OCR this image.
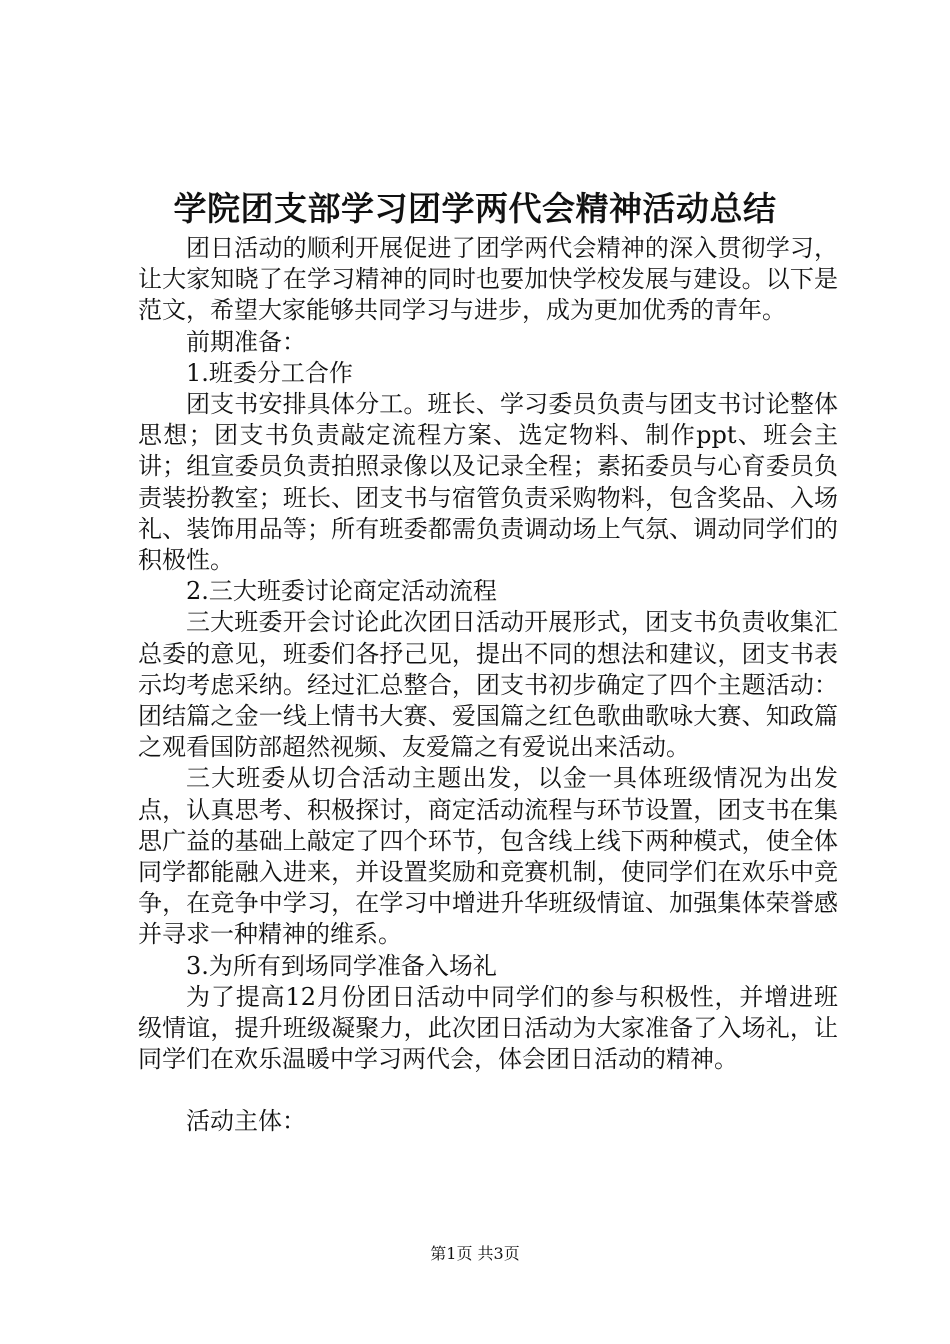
学院团支部学习团学两代会精神活动总结

团日活动的顺利开展促进了团学两代会精神的深入贯彻学习，让大家知晓了在学习精神的同时也要加快学校发展与建设。以下是范文，希望大家能够共同学习与进步，成为更加优秀的青年。

前期准备：

1.班委分工合作

团支书安排具体分工。班长、学习委员负责与团支书讨论整体思想；团支书负责敲定流程方案、选定物料、制作ppt、班会主讲；组宣委员负责拍照录像以及记录全程；素拓委员与心育委员负责装扮教室；班长、团支书与宿管负责采购物料，包含奖品、入场礼、装饰用品等；所有班委都需负责调动场上气氛、调动同学们的积极性。

2.三大班委讨论商定活动流程

三大班委开会讨论此次团日活动开展形式，团支书负责收集汇总委的意见，班委们各抒己见，提出不同的想法和建议，团支书表示均考虑采纳。经过汇总整合，团支书初步确定了四个主题活动：团结篇之金一线上情书大赛、爱国篇之红色歌曲歌咏大赛、知政篇之观看国防部超然视频、友爱篇之有爱说出来活动。

三大班委从切合活动主题出发，以金一具体班级情况为出发点，认真思考、积极探讨，商定活动流程与环节设置，团支书在集思广益的基础上敲定了四个环节，包含线上线下两种模式，使全体同学都能融入进来，并设置奖励和竞赛机制，使同学们在欢乐中竞争，在竞争中学习，在学习中增进升华班级情谊、加强集体荣誉感并寻求一种精神的维系。

3.为所有到场同学准备入场礼

为了提高12月份团日活动中同学们的参与积极性，并增进班级情谊，提升班级凝聚力，此次团日活动为大家准备了入场礼，让同学们在欢乐温暖中学习两代会，体会团日活动的精神。

活动主体：

第1页 共3页
